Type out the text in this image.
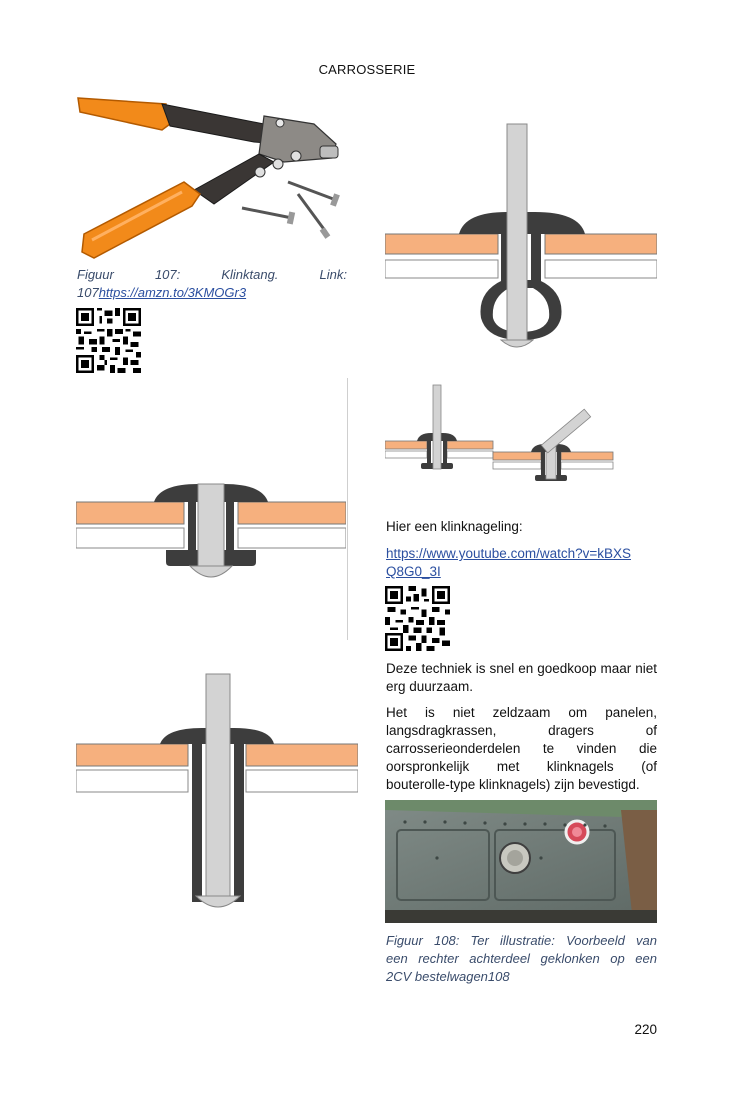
CARROSSERIE
Figuur	107:	Klinktang.	Link:
107https://amzn.to/3KMOGr3
Hier een klinknageling:
https://www.youtube.com/watch?v=kBXS
Q8G0_3I
Deze techniek is snel en goedkoop maar niet erg duurzaam.
Het is niet zeldzaam om panelen,
langsdragkrassen, dragers of
carrosserieonderdelen te vinden die
oorspronkelijk met klinknagels (of
bouterolle-type klinknagels) zijn bevestigd.
Figuur 108: Ter illustratie: Voorbeeld van
een rechter achterdeel geklonken op een
2CV bestelwagen108
220
